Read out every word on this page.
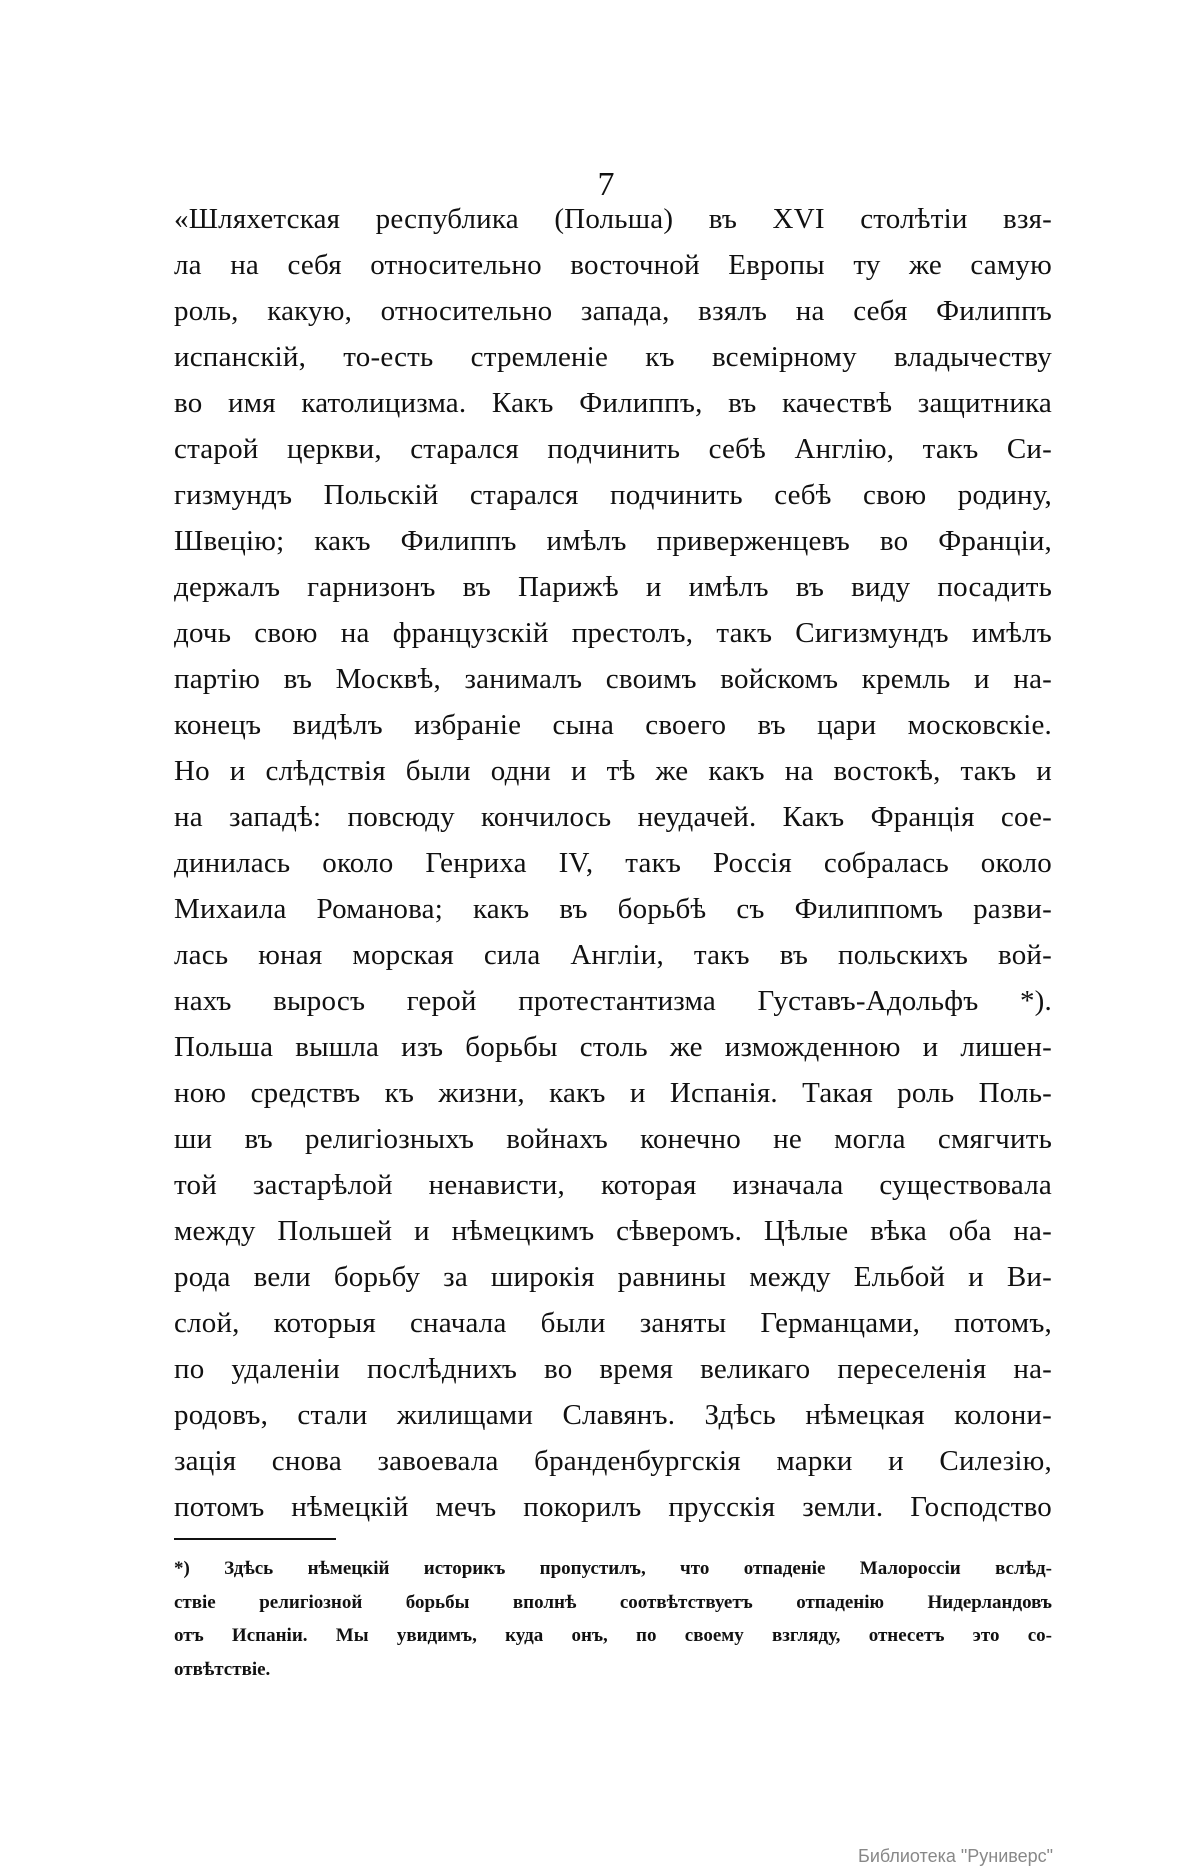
7
«Шляхетская республика (Польша) въ XVI столѣтіи взя-
ла на себя относительно восточной Европы ту же самую
роль, какую, относительно запада, взялъ на себя Филиппъ
испанскій, то-есть стремленіе къ всемірному владычеству
во имя католицизма. Какъ Филиппъ, въ качествѣ защитника
старой церкви, старался подчинить себѣ Англію, такъ Си-
гизмундъ Польскій старался подчинить себѣ свою родину,
Швецію; какъ Филиппъ имѣлъ приверженцевъ во Франціи,
держалъ гарнизонъ въ Парижѣ и имѣлъ въ виду посадить
дочь свою на французскій престолъ, такъ Сигизмундъ имѣлъ
партію въ Москвѣ, занималъ своимъ войскомъ кремль и на-
конецъ видѣлъ избраніе сына своего въ цари московскіе.
Но и слѣдствія были одни и тѣ же какъ на востокѣ, такъ и
на западѣ: повсюду кончилось неудачей. Какъ Франція сое-
динилась около Генриха IV, такъ Россія собралась около
Михаила Романова; какъ въ борьбѣ съ Филиппомъ разви-
лась юная морская сила Англіи, такъ въ польскихъ вой-
нахъ выросъ герой протестантизма Густавъ-Адольфъ *).
Польша вышла изъ борьбы столь же изможденною и лишен-
ною средствъ къ жизни, какъ и Испанія. Такая роль Поль-
ши въ религіозныхъ войнахъ конечно не могла смягчить
той застарѣлой ненависти, которая изначала существовала
между Польшей и нѣмецкимъ сѣверомъ. Цѣлые вѣка оба на-
рода вели борьбу за широкія равнины между Ельбой и Ви-
слой, которыя сначала были заняты Германцами, потомъ,
по удаленіи послѣднихъ во время великаго переселенія на-
родовъ, стали жилищами Славянъ. Здѣсь нѣмецкая колони-
зація снова завоевала бранденбургскія марки и Силезію,
потомъ нѣмецкій мечъ покорилъ прусскія земли. Господство
*) Здѣсь нѣмецкій историкъ пропустилъ, что отпаденіе Малороссіи вслѣд-
ствіе религіозной борьбы вполнѣ соотвѣтствуетъ отпаденію Нидерландовъ
отъ Испаніи. Мы увидимъ, куда онъ, по своему взгляду, отнесетъ это со-
отвѣтствіе.
Библиотека "Руниверс"
